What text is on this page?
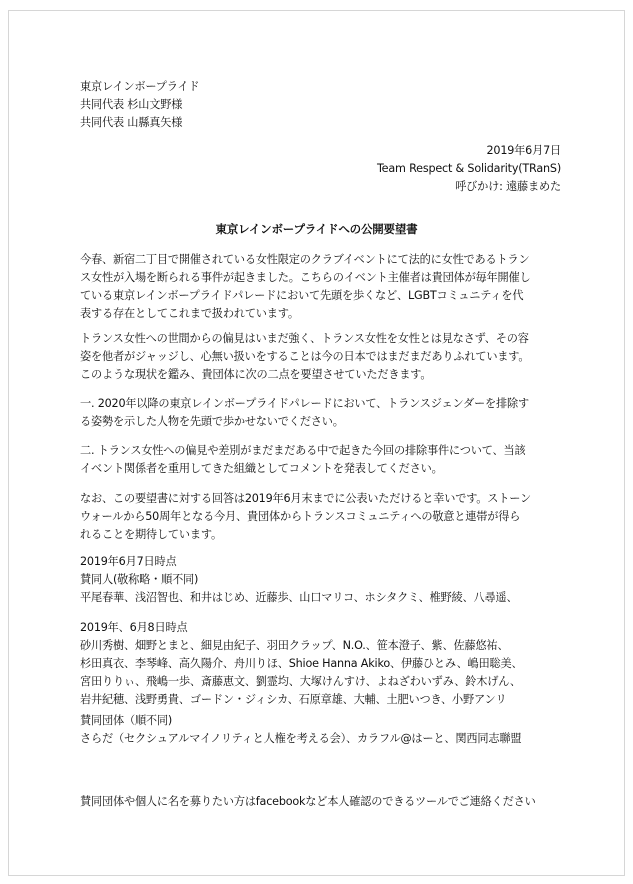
東京レインボープライド
共同代表 杉山文野様
共同代表 山縣真矢様
2019年6月7日
Team Respect & Solidarity(TRanS)
呼びかけ: 遠藤まめた
東京レインボープライドへの公開要望書
今春、新宿二丁目で開催されている女性限定のクラブイベントにて法的に女性であるトラン
ス女性が入場を断られる事件が起きました。こちらのイベント主催者は貴団体が毎年開催し
ている東京レインボープライドパレードにおいて先頭を歩くなど、LGBTコミュニティを代
表する存在としてこれまで扱われています。
トランス女性への世間からの偏見はいまだ強く、トランス女性を女性とは見なさず、その容
姿を他者がジャッジし、心無い扱いをすることは今の日本ではまだまだありふれています。
このような現状を鑑み、貴団体に次の二点を要望させていただきます。
一. 2020年以降の東京レインボープライドパレードにおいて、トランスジェンダーを排除す
る姿勢を示した人物を先頭で歩かせないでください。
二. トランス女性への偏見や差別がまだまだある中で起きた今回の排除事件について、当該
イベント関係者を重用してきた組織としてコメントを発表してください。
なお、この要望書に対する回答は2019年6月末までに公表いただけると幸いです。ストーン
ウォールから50周年となる今月、貴団体からトランスコミュニティへの敬意と連帯が得ら
れることを期待しています。
2019年6月7日時点
賛同人(敬称略・順不同)
平尾春華、浅沼智也、和井はじめ、近藤歩、山口マリコ、ホシタクミ、椎野綾、八尋遥、
2019年、6月8日時点
砂川秀樹、畑野とまと、細見由紀子、羽田クラップ、N.O.、笹本澄子、紫、佐藤悠祐、
杉田真衣、李琴峰、高久陽介、舟川りほ、Shioe Hanna Akiko、伊藤ひとみ、嶋田聡美、
宮田りりぃ、飛嶋一歩、斎藤恵文、劉霊均、大塚けんすけ、よねざわいずみ、鈴木げん、
岩井紀穂、浅野勇貴、ゴードン・ジィシカ、石原章雄、大輔、土肥いつき、小野アンリ
賛同団体（順不同)
さらだ（セクシュアルマイノリティと人権を考える会）、カラフル@はーと、関西同志聯盟
賛同団体や個人に名を募りたい方はfacebookなど本人確認のできるツールでご連絡ください
